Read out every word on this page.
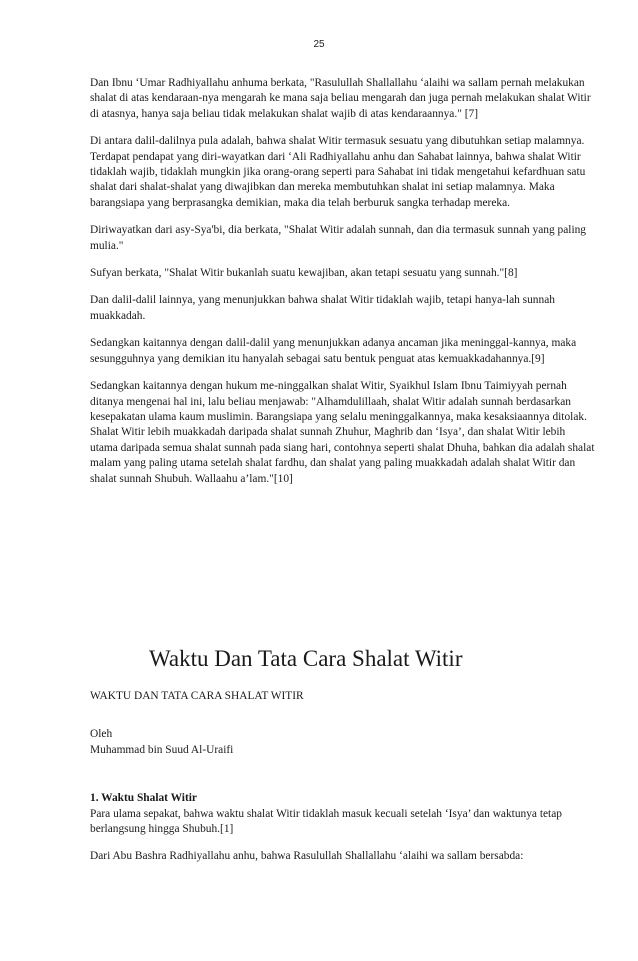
25

Dan Ibnu ‘Umar Radhiyallahu anhuma berkata, "Rasulullah Shallallahu ‘alaihi wa sallam pernah melakukan shalat di atas kendaraan-nya mengarah ke mana saja beliau mengarah dan juga pernah melakukan shalat Witir di atasnya, hanya saja beliau tidak melakukan shalat wajib di atas kendaraannya." [7]

Di antara dalil-dalilnya pula adalah, bahwa shalat Witir termasuk sesuatu yang dibutuhkan setiap malamnya. Terdapat pendapat yang diri-wayatkan dari ‘Ali Radhiyallahu anhu dan Sahabat lainnya, bahwa shalat Witir tidaklah wajib, tidaklah mungkin jika orang-orang seperti para Sahabat ini tidak mengetahui kefardhuan satu shalat dari shalat-shalat yang diwajibkan dan mereka membutuhkan shalat ini setiap malamnya. Maka barangsiapa yang berprasangka demikian, maka dia telah berburuk sangka terhadap mereka.

Diriwayatkan dari asy-Sya'bi, dia berkata, "Shalat Witir adalah sunnah, dan dia termasuk sunnah yang paling mulia."

Sufyan berkata, "Shalat Witir bukanlah suatu kewajiban, akan tetapi sesuatu yang sunnah."[8]

Dan dalil-dalil lainnya, yang menunjukkan bahwa shalat Witir tidaklah wajib, tetapi hanya-lah sunnah muakkadah.

Sedangkan kaitannya dengan dalil-dalil yang menunjukkan adanya ancaman jika meninggal-kannya, maka sesungguhnya yang demikian itu hanyalah sebagai satu bentuk penguat atas kemuakkadahannya.[9]

Sedangkan kaitannya dengan hukum me-ninggalkan shalat Witir, Syaikhul Islam Ibnu Taimiyyah pernah ditanya mengenai hal ini, lalu beliau menjawab: "Alhamdulillaah, shalat Witir adalah sunnah berdasarkan kesepakatan ulama kaum muslimin. Barangsiapa yang selalu meninggalkannya, maka kesaksiaannya ditolak. Shalat Witir lebih muakkadah daripada shalat sunnah Zhuhur, Maghrib dan ‘Isya’, dan shalat Witir lebih utama daripada semua shalat sunnah pada siang hari, contohnya seperti shalat Dhuha, bahkan dia adalah shalat malam yang paling utama setelah shalat fardhu, dan shalat yang paling muakkadah adalah shalat Witir dan shalat sunnah Shubuh. Wallaahu a’lam."[10]

Waktu Dan Tata Cara Shalat Witir

WAKTU DAN TATA CARA SHALAT WITIR

Oleh

Muhammad bin Suud Al-Uraifi

1. Waktu Shalat Witir

Para ulama sepakat, bahwa waktu shalat Witir tidaklah masuk kecuali setelah ‘Isya’ dan waktunya tetap berlangsung hingga Shubuh.[1]

Dari Abu Bashra Radhiyallahu anhu, bahwa Rasulullah Shallallahu ‘alaihi wa sallam bersabda:
